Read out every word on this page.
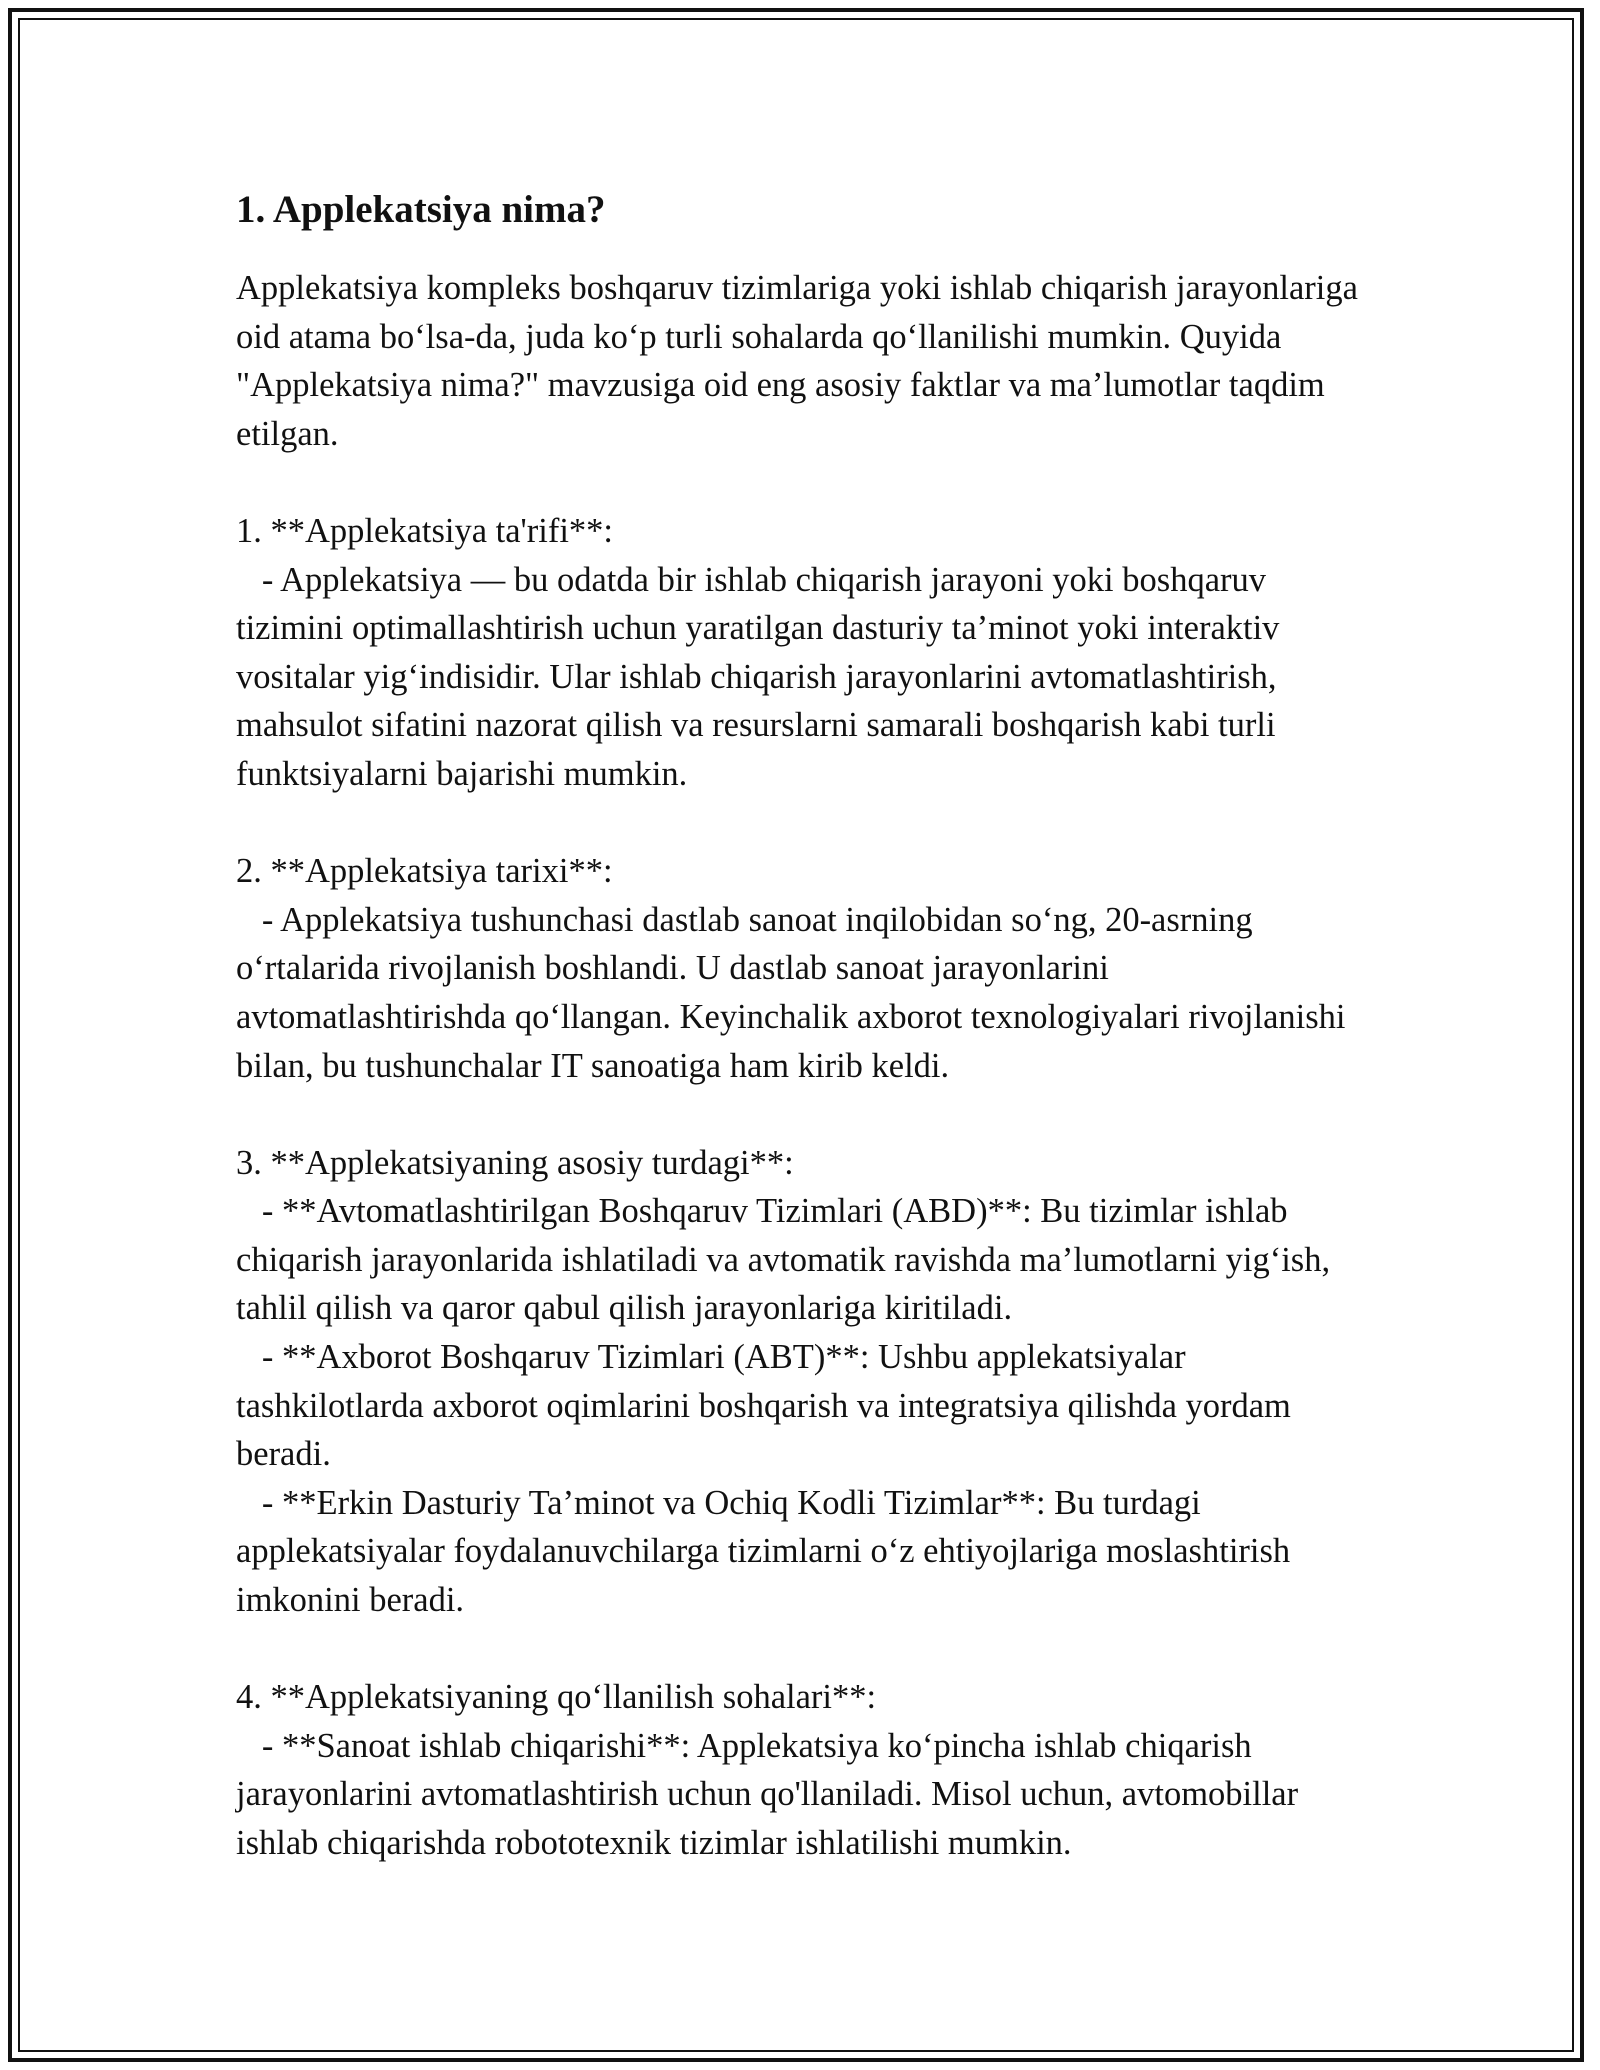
1. Applekatsiya nima?

Applekatsiya kompleks boshqaruv tizimlariga yoki ishlab chiqarish jarayonlariga oid atama bo‘lsa-da, juda ko‘p turli sohalarda qo‘llanilishi mumkin. Quyida "Applekatsiya nima?" mavzusiga oid eng asosiy faktlar va ma’lumotlar taqdim etilgan.

1. **Applekatsiya ta'rifi**:
- Applekatsiya — bu odatda bir ishlab chiqarish jarayoni yoki boshqaruv tizimini optimallashtirish uchun yaratilgan dasturiy ta’minot yoki interaktiv vositalar yig‘indisidir. Ular ishlab chiqarish jarayonlarini avtomatlashtirish, mahsulot sifatini nazorat qilish va resurslarni samarali boshqarish kabi turli funktsiyalarni bajarishi mumkin.

2. **Applekatsiya tarixi**:
- Applekatsiya tushunchasi dastlab sanoat inqilobidan so‘ng, 20-asrning o‘rtalarida rivojlanish boshlandi. U dastlab sanoat jarayonlarini avtomatlashtirishda qo‘llangan. Keyinchalik axborot texnologiyalari rivojlanishi bilan, bu tushunchalar IT sanoatiga ham kirib keldi.

3. **Applekatsiyaning asosiy turdagi**:
- **Avtomatlashtirilgan Boshqaruv Tizimlari (ABD)**: Bu tizimlar ishlab chiqarish jarayonlarida ishlatiladi va avtomatik ravishda ma’lumotlarni yig‘ish, tahlil qilish va qaror qabul qilish jarayonlariga kiritiladi.
- **Axborot Boshqaruv Tizimlari (ABT)**: Ushbu applekatsiyalar tashkilotlarda axborot oqimlarini boshqarish va integratsiya qilishda yordam beradi.
- **Erkin Dasturiy Ta’minot va Ochiq Kodli Tizimlar**: Bu turdagi applekatsiyalar foydalanuvchilarga tizimlarni o‘z ehtiyojlariga moslashtirish imkonini beradi.

4. **Applekatsiyaning qo‘llanilish sohalari**:
- **Sanoat ishlab chiqarishi**: Applekatsiya ko‘pincha ishlab chiqarish jarayonlarini avtomatlashtirish uchun qo'llaniladi. Misol uchun, avtomobillar ishlab chiqarishda robototexnik tizimlar ishlatilishi mumkin.
